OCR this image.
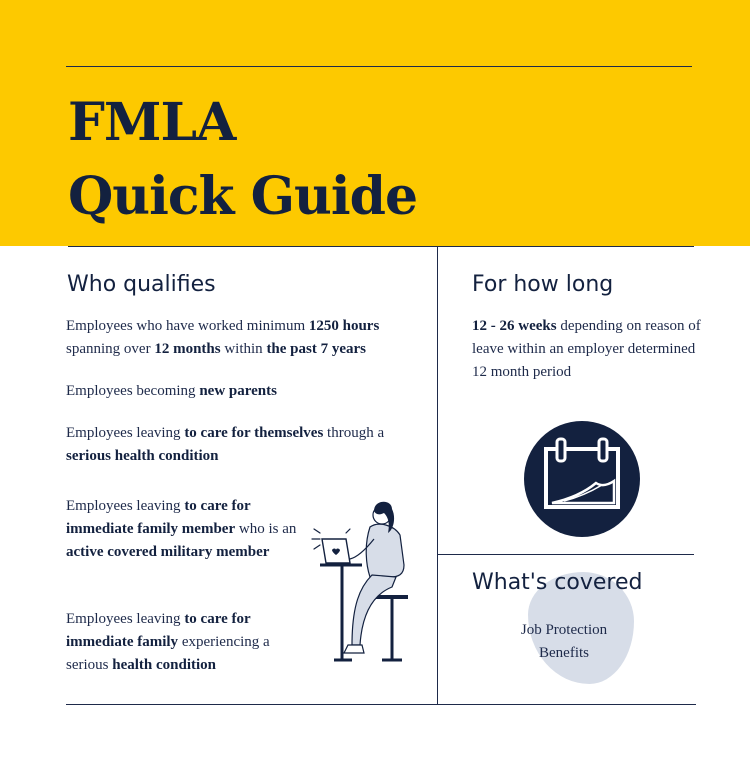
FMLA
Quick Guide
Who qualifies
Employees who have worked minimum 1250 hours spanning over 12 months within the past 7 years
Employees becoming new parents
Employees leaving to care for themselves through a serious health condition
Employees leaving to care for immediate family member who is an active covered military member
Employees leaving to care for immediate family experiencing a serious health condition
For how long
12 - 26 weeks depending on reason of leave within an employer determined 12 month period
What's covered
Job Protection
Benefits
